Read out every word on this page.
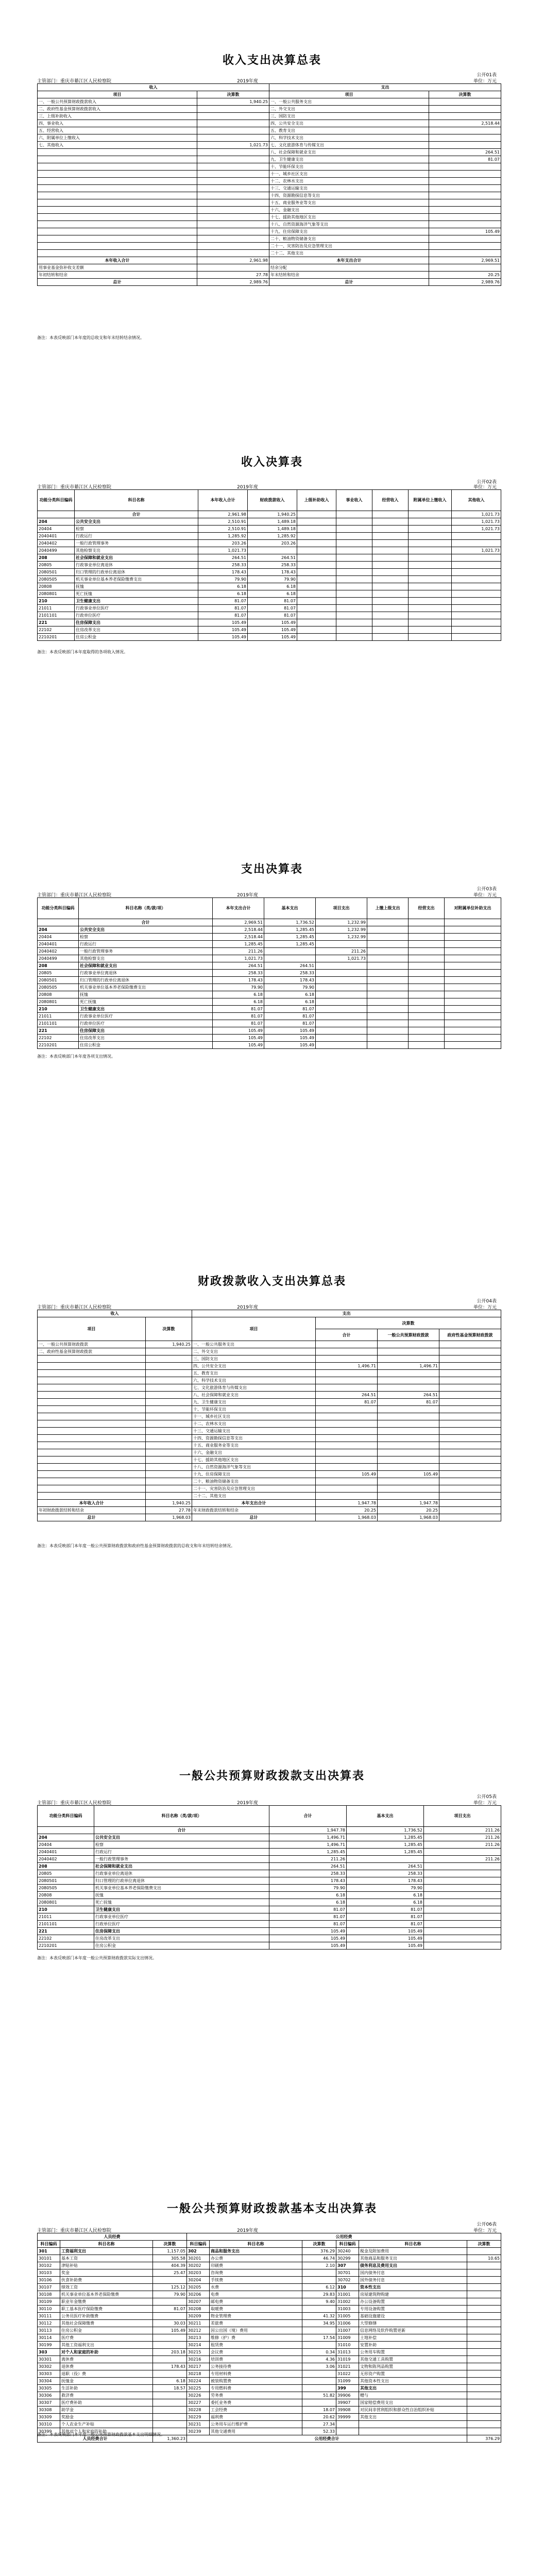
收入支出决算总表
公开01表
主管部门：重庆市綦江区人民检察院	2019年度	单位：万元
收入		支出	
项目	决算数	项目	决算数
一、一般公共预算财政拨款收入	1,940.25	一、一般公共服务支出	
二、政府性基金预算财政拨款收入		二、外交支出	
三、上级补助收入		三、国防支出	
四、事业收入		四、公共安全支出	2,518.44
五、经营收入		五、教育支出	
六、附属单位上缴收入		六、科学技术支出	
七、其他收入	1,021.73	七、文化旅游体育与传媒支出	
		八、社会保障和就业支出	264.51
		九、卫生健康支出	81.07
		十、节能环保支出	
		十一、城乡社区支出	
		十二、农林水支出	
		十三、交通运输支出	
		十四、资源勘探信息等支出	
		十五、商业服务业等支出	
		十六、金融支出	
		十七、援助其他地区支出	
		十八、自然资源海洋气象等支出	
		十九、住房保障支出	105.49
		二十、粮油物资储备支出	
		二十一、灾害防治及应急管理支出	
		二十二、其他支出	
本年收入合计	2,961.98	本年支出合计	2,969.51
用事业基金弥补收支差额		结余分配	
年初结转和结余	27.78	年末结转和结余	20.25
总计	2,989.76	总计	2,989.76
备注：本表反映部门本年度的总收支和年末结转结余情况。
收入决算表
公开02表
主管部门：重庆市綦江区人民检察院	2019年度	单位：万元
功能分类科目编码	科目名称	本年收入合计	财政拨款收入	上级补助收入	事业收入	经营收入	附属单位上缴收入	其他收入
	合计	2,961.98	1,940.25					1,021.73
204	公共安全支出	2,510.91	1,489.18					1,021.73
20404	检察	2,510.91	1,489.18					1,021.73
2040401	行政运行	1,285.92	1,285.92					
2040402	一般行政管理事务	203.26	203.26					
2040499	其他检察支出	1,021.73						1,021.73
208	社会保障和就业支出	264.51	264.51					
20805	行政事业单位离退休	258.33	258.33					
2080501	归口管理的行政单位离退休	178.43	178.43					
2080505	机关事业单位基本养老保险缴费支出	79.90	79.90					
20808	抚恤	6.18	6.18					
2080801	死亡抚恤	6.18	6.18					
210	卫生健康支出	81.07	81.07					
21011	行政事业单位医疗	81.07	81.07					
2101101	行政单位医疗	81.07	81.07					
221	住房保障支出	105.49	105.49					
22102	住房改革支出	105.49	105.49					
2210201	住房公积金	105.49	105.49					
备注：本表反映部门本年度取得的各项收入情况。
支出决算表
公开03表
主管部门：重庆市綦江区人民检察院	2019年度	单位：万元
功能分类科目编码	科目名称（类/款/项）	本年支出合计	基本支出	项目支出	上缴上级支出	经营支出	对附属单位补助支出
	合计	2,969.51	1,736.52	1,232.99			
204	公共安全支出	2,518.44	1,285.45	1,232.99			
20404	检察	2,518.44	1,285.45	1,232.99			
2040401	行政运行	1,285.45	1,285.45				
2040402	一般行政管理事务	211.26		211.26			
2040499	其他检察支出	1,021.73		1,021.73			
208	社会保障和就业支出	264.51	264.51				
20805	行政事业单位离退休	258.33	258.33				
2080501	归口管理的行政单位离退休	178.43	178.43				
2080505	机关事业单位基本养老保险缴费支出	79.90	79.90				
20808	抚恤	6.18	6.18				
2080801	死亡抚恤	6.18	6.18				
210	卫生健康支出	81.07	81.07				
21011	行政事业单位医疗	81.07	81.07				
2101101	行政单位医疗	81.07	81.07				
221	住房保障支出	105.49	105.49				
22102	住房改革支出	105.49	105.49				
2210201	住房公积金	105.49	105.49				
备注：本表反映部门本年度各项支出情况。
财政拨款收入支出决算总表
公开04表
主管部门：重庆市綦江区人民检察院	2019年度	单位：万元
收入		支出			
项目	决算数	项目	决算数		
			合计	一般公共预算财政拨款	政府性基金预算财政拨款
一、一般公共预算财政拨款	1,940.25	一、一般公共服务支出			
二、政府性基金预算财政拨款		二、外交支出			
		三、国防支出			
		四、公共安全支出	1,496.71	1,496.71	
		五、教育支出			
		六、科学技术支出			
		七、文化旅游体育与传媒支出			
		八、社会保障和就业支出	264.51	264.51	
		九、卫生健康支出	81.07	81.07	
		十、节能环保支出			
		十一、城乡社区支出			
		十二、农林水支出			
		十三、交通运输支出			
		十四、资源勘探信息等支出			
		十五、商业服务业等支出			
		十六、金融支出			
		十七、援助其他地区支出			
		十八、自然资源海洋气象等支出			
		十九、住房保障支出	105.49	105.49	
		二十、粮油物资储备支出			
		二十一、灾害防治及应急管理支出			
		二十二、其他支出			
本年收入合计	1,940.25	本年支出合计	1,947.78	1,947.78	
年初财政拨款结转和结余	27.78	年末财政拨款结转和结余	20.25	20.25	
总计	1,968.03	总计	1,968.03	1,968.03	
备注：本表反映部门本年度一般公共预算财政拨款和政府性基金预算财政拨款的总收支和年末结转结余情况。
一般公共预算财政拨款支出决算表
公开05表
主管部门：重庆市綦江区人民检察院	2019年度	单位：万元
功能分类科目编码	科目名称（类/款/项）	合计	基本支出	项目支出
	合计	1,947.78	1,736.52	211.26
204	公共安全支出	1,496.71	1,285.45	211.26
20404	检察	1,496.71	1,285.45	211.26
2040401	行政运行	1,285.45	1,285.45	
2040402	一般行政管理事务	211.26		211.26
208	社会保障和就业支出	264.51	264.51	
20805	行政事业单位离退休	258.33	258.33	
2080501	归口管理的行政单位离退休	178.43	178.43	
2080505	机关事业单位基本养老保险缴费支出	79.90	79.90	
20808	抚恤	6.18	6.18	
2080801	死亡抚恤	6.18	6.18	
210	卫生健康支出	81.07	81.07	
21011	行政事业单位医疗	81.07	81.07	
2101101	行政单位医疗	81.07	81.07	
221	住房保障支出	105.49	105.49	
22102	住房改革支出	105.49	105.49	
2210201	住房公积金	105.49	105.49	
备注：本表反映部门本年度一般公共预算财政拨款实际支出情况。
一般公共预算财政拨款基本支出决算表
公开06表
主管部门：重庆市綦江区人民检察院	2019年度	单位：万元
人员经费			公用经费					
科目编码	科目名称	决算数	科目编码	科目名称	决算数	科目编码	科目名称	决算数
301	工资福利支出	1,157.05	302	商品和服务支出	376.29	30240	税金及附加费用	
30101	基本工资	305.58	30201	办公费	46.74	30299	其他商品和服务支出	10.65
30102	津贴补贴	404.39	30202	印刷费	2.10	307	债务利息及费用支出	
30103	奖金	25.47	30203	咨询费		30701	国内债务付息	
30106	伙食补助费		30204	手续费		30702	国外债务付息	
30107	绩效工资	125.12	30205	水费	6.12	310	资本性支出	
30108	机关事业单位基本养老保险缴费	79.90	30206	电费	29.83	31001	房屋建筑物购建	
30109	职业年金缴费		30207	邮电费	9.40	31002	办公设备购置	
30110	职工基本医疗保险缴费	81.07	30208	取暖费		31003	专用设备购置	
30111	公务员医疗补助缴费		30209	物业管理费	41.32	31005	基础设施建设	
30112	其他社会保障缴费	30.03	30211	差旅费	34.95	31006	大型修缮	
30113	住房公积金	105.49	30212	因公出国（境）费用		31007	信息网络及软件购置更新	
30114	医疗费		30213	维修（护）费	17.54	31009	土地补偿	
30199	其他工资福利支出		30214	租赁费		31010	安置补助	
303	对个人和家庭的补助	203.18	30215	会议费	0.34	31013	公务用车购置	
30301	离休费		30216	培训费	4.36	31019	其他交通工具购置	
30302	退休费	178.43	30217	公务接待费	3.06	31021	文物和陈列品购置	
30303	退职（役）费		30218	专用材料费		31022	无形资产购置	
30304	抚恤金	6.18	30224	被装购置费		31099	其他资本性支出	
30305	生活补助	18.57	30225	专用燃料费		399	其他支出	
30306	救济费		30226	劳务费	51.82	39906	赠与	
30307	医疗费补助		30227	委托业务费		39907	国家赔偿费用支出	
30308	助学金		30228	工会经费	18.07	39908	对民间非营利组织和群众性自治组织补贴	
30309	奖励金		30229	福利费	20.62	39999	其他支出	
30310	个人农业生产补贴		30231	公务用车运行维护费	27.34			
30399	其他对个人和家庭的补助		30239	其他交通费用	52.33			
人员经费合计		1,360.23	公用经费合计					376.29
备注：本表反映部门本年度一般公共预算财政拨款基本支出明细情况。
